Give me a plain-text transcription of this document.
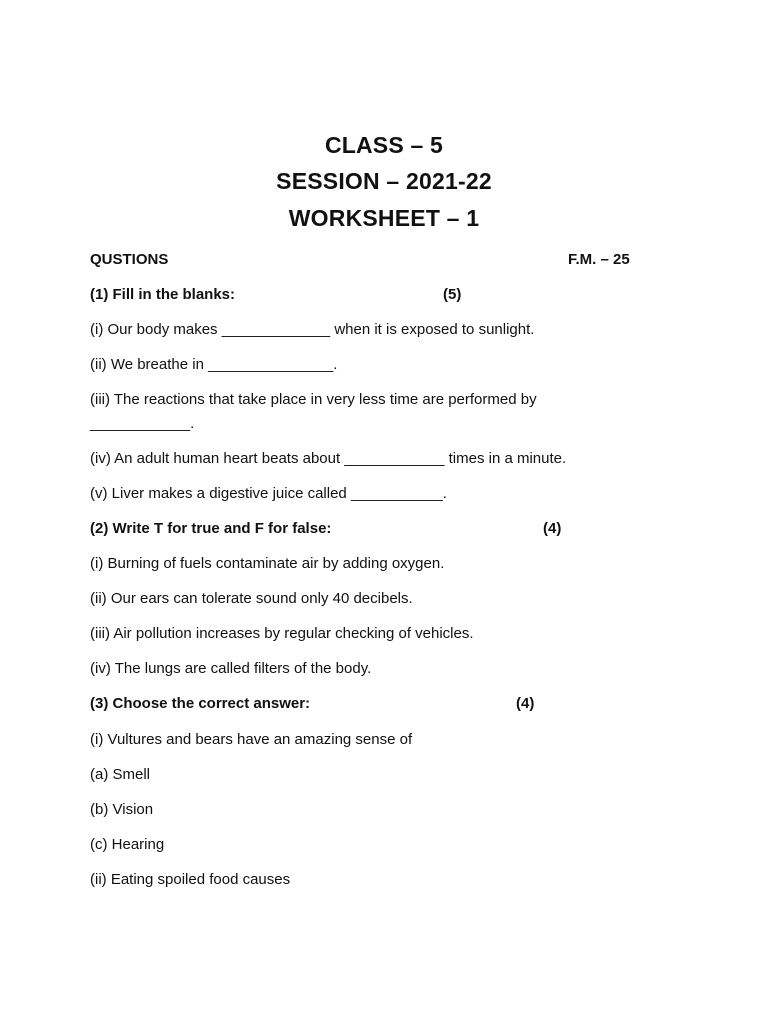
CLASS – 5
SESSION – 2021-22
WORKSHEET – 1
QUSTIONS	F.M. – 25
(1) Fill in the blanks:	(5)
(i) Our body makes _____________ when it is exposed to sunlight.
(ii) We breathe in _______________.
(iii) The reactions that take place in very less time are performed by
____________.
(iv) An adult human heart beats about ____________ times in a minute.
(v) Liver makes a digestive juice called ___________.
(2) Write T for true and F for false:	(4)
(i) Burning of fuels contaminate air by adding oxygen.
(ii) Our ears can tolerate sound only 40 decibels.
(iii) Air pollution increases by regular checking of vehicles.
(iv) The lungs are called filters of the body.
(3) Choose the correct answer:	(4)
(i) Vultures and bears have an amazing sense of
(a) Smell
(b) Vision
(c) Hearing
(ii) Eating spoiled food causes
